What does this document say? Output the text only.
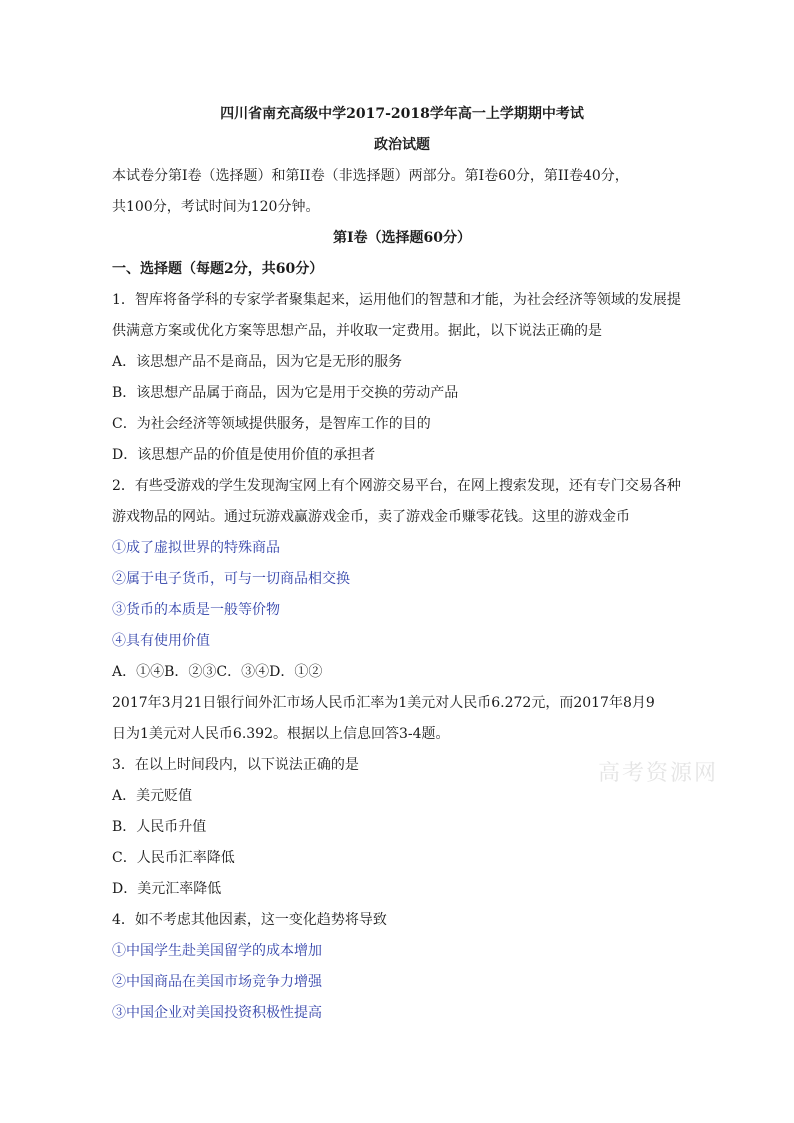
四川省南充高级中学2017-2018学年高一上学期期中考试
政治试题
本试卷分第Ⅰ卷（选择题）和第II卷（非选择题）两部分。第Ⅰ卷60分，第II卷40分，
共100分，考试时间为120分钟。
第Ⅰ卷（选择题60分）
一、选择题（每题2分，共60分）
1．智库将备学科的专家学者聚集起来，运用他们的智慧和才能，为社会经济等领域的发展提
供满意方案或优化方案等思想产品，并收取一定费用。据此，以下说法正确的是
A．该思想产品不是商品，因为它是无形的服务
B．该思想产品属于商品，因为它是用于交换的劳动产品
C．为社会经济等领域提供服务，是智库工作的目的
D．该思想产品的价值是使用价值的承担者
2．有些受游戏的学生发现淘宝网上有个网游交易平台，在网上搜索发现，还有专门交易各种
游戏物品的网站。通过玩游戏赢游戏金币，卖了游戏金币赚零花钱。这里的游戏金币
①成了虚拟世界的特殊商品
②属于电子货币，可与一切商品相交换
③货币的本质是一般等价物
④具有使用价值
A．①④B．②③C．③④D．①②
2017年3月21日银行间外汇市场人民币汇率为1美元对人民币6.272元，而2017年8月9
日为1美元对人民币6.392。根据以上信息回答3-4题。
3．在以上时间段内，以下说法正确的是
A．美元贬值
B．人民币升值
C．人民币汇率降低
D．美元汇率降低
4．如不考虑其他因素，这一变化趋势将导致
①中国学生赴美国留学的成本增加
②中国商品在美国市场竞争力增强
③中国企业对美国投资积极性提高
高考资源网
